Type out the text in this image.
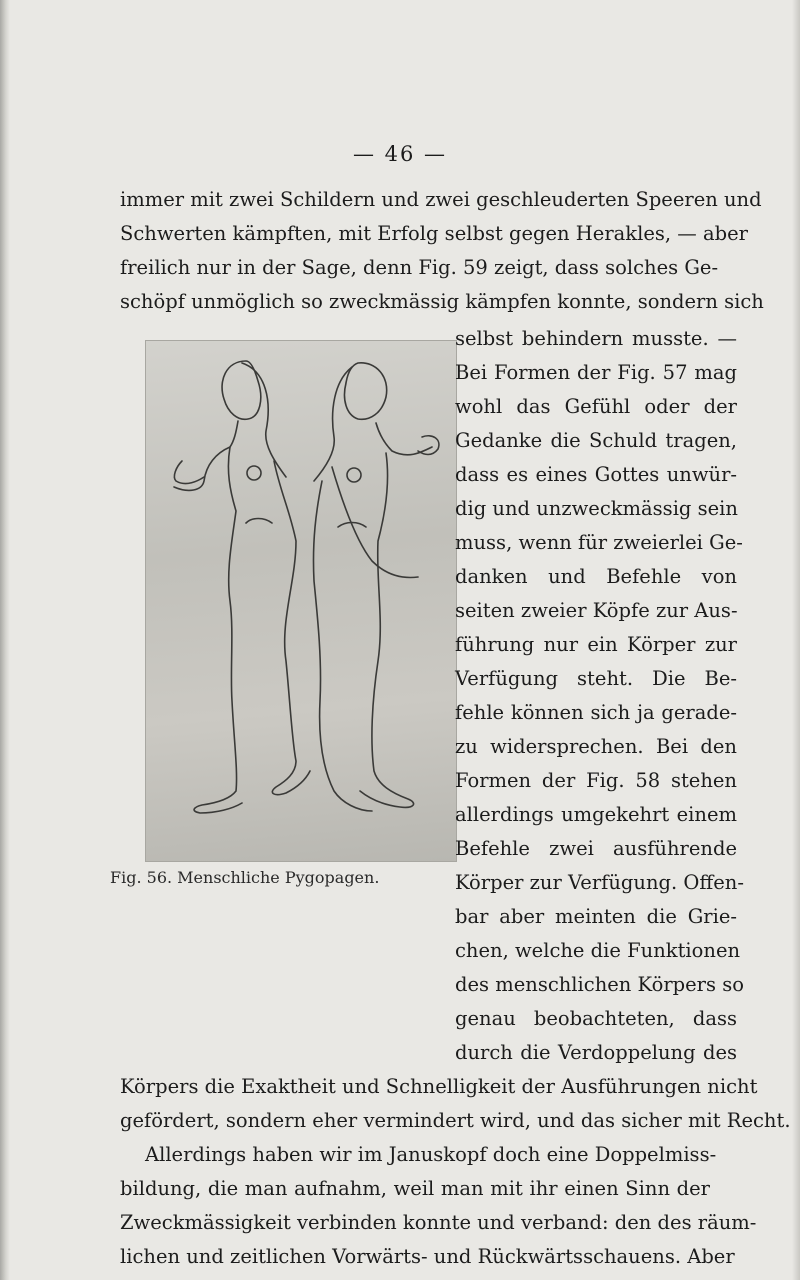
— 46 —
immer mit zwei Schildern und zwei geschleuderten Speeren und
Schwerten kämpften, mit Erfolg selbst gegen Herakles, — aber
freilich nur in der Sage, denn Fig. 59 zeigt, dass solches Ge-
schöpf unmöglich so zweckmässig kämpfen konnte, sondern sich
selbst behindern musste. —
Bei Formen der Fig. 57 mag
wohl das Gefühl oder der
Gedanke die Schuld tragen,
dass es eines Gottes unwür-
dig und unzweckmässig sein
muss, wenn für zweierlei Ge-
danken und Befehle von
seiten zweier Köpfe zur Aus-
führung nur ein Körper zur
Verfügung steht. Die Be-
fehle können sich ja gerade-
zu widersprechen. Bei den
Formen der Fig. 58 stehen
allerdings umgekehrt einem
Befehle zwei ausführende
Körper zur Verfügung. Offen-
bar aber meinten die Grie-
chen, welche die Funktionen
des menschlichen Körpers so
genau beobachteten, dass
durch die Verdoppelung des
Fig. 56. Menschliche Pygopagen.
Körpers die Exaktheit und Schnelligkeit der Ausführungen nicht
gefördert, sondern eher vermindert wird, und das sicher mit Recht.
Allerdings haben wir im Januskopf doch eine Doppelmiss-
bildung, die man aufnahm, weil man mit ihr einen Sinn der
Zweckmässigkeit verbinden konnte und verband: den des räum-
lichen und zeitlichen Vorwärts- und Rückwärtsschauens. Aber
